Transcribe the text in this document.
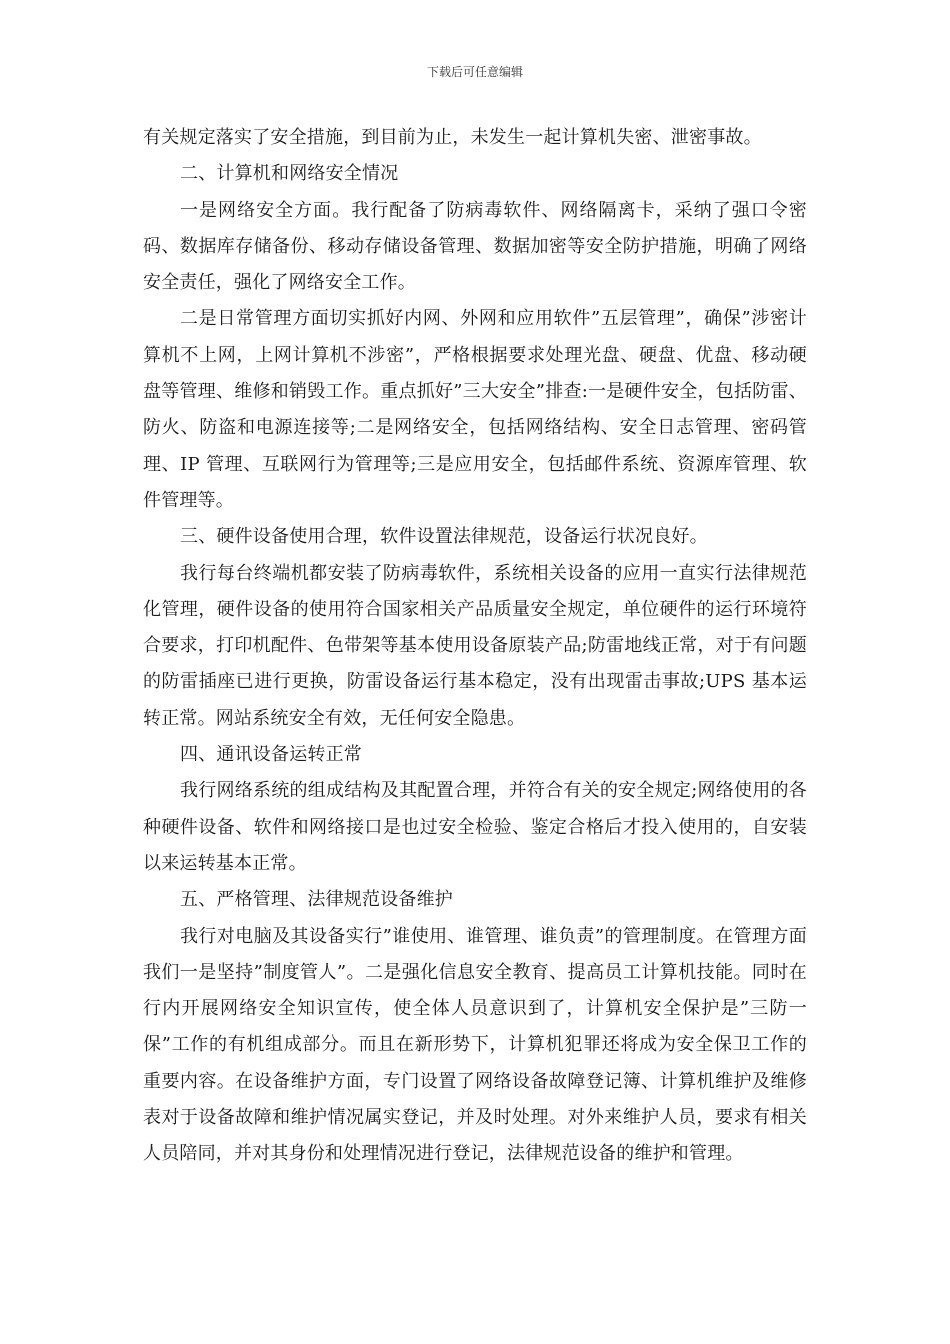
下载后可任意编辑

有关规定落实了安全措施，到目前为止，未发生一起计算机失密、泄密事故。

二、计算机和网络安全情况

一是网络安全方面。我行配备了防病毒软件、网络隔离卡，采纳了强口令密码、数据库存储备份、移动存储设备管理、数据加密等安全防护措施，明确了网络安全责任，强化了网络安全工作。

二是日常管理方面切实抓好内网、外网和应用软件”五层管理”，确保”涉密计算机不上网，上网计算机不涉密”，严格根据要求处理光盘、硬盘、优盘、移动硬盘等管理、维修和销毁工作。重点抓好”三大安全”排查:一是硬件安全，包括防雷、防火、防盗和电源连接等;二是网络安全，包括网络结构、安全日志管理、密码管理、IP 管理、互联网行为管理等;三是应用安全，包括邮件系统、资源库管理、软件管理等。

三、硬件设备使用合理，软件设置法律规范，设备运行状况良好。

我行每台终端机都安装了防病毒软件，系统相关设备的应用一直实行法律规范化管理，硬件设备的使用符合国家相关产品质量安全规定，单位硬件的运行环境符合要求，打印机配件、色带架等基本使用设备原装产品;防雷地线正常，对于有问题的防雷插座已进行更换，防雷设备运行基本稳定，没有出现雷击事故;UPS 基本运转正常。网站系统安全有效，无任何安全隐患。

四、通讯设备运转正常

我行网络系统的组成结构及其配置合理，并符合有关的安全规定;网络使用的各种硬件设备、软件和网络接口是也过安全检验、鉴定合格后才投入使用的，自安装以来运转基本正常。

五、严格管理、法律规范设备维护

我行对电脑及其设备实行”谁使用、谁管理、谁负责”的管理制度。在管理方面我们一是坚持”制度管人”。二是强化信息安全教育、提高员工计算机技能。同时在行内开展网络安全知识宣传，使全体人员意识到了，计算机安全保护是”三防一保”工作的有机组成部分。而且在新形势下，计算机犯罪还将成为安全保卫工作的重要内容。在设备维护方面，专门设置了网络设备故障登记簿、计算机维护及维修表对于设备故障和维护情况属实登记，并及时处理。对外来维护人员，要求有相关人员陪同，并对其身份和处理情况进行登记，法律规范设备的维护和管理。
